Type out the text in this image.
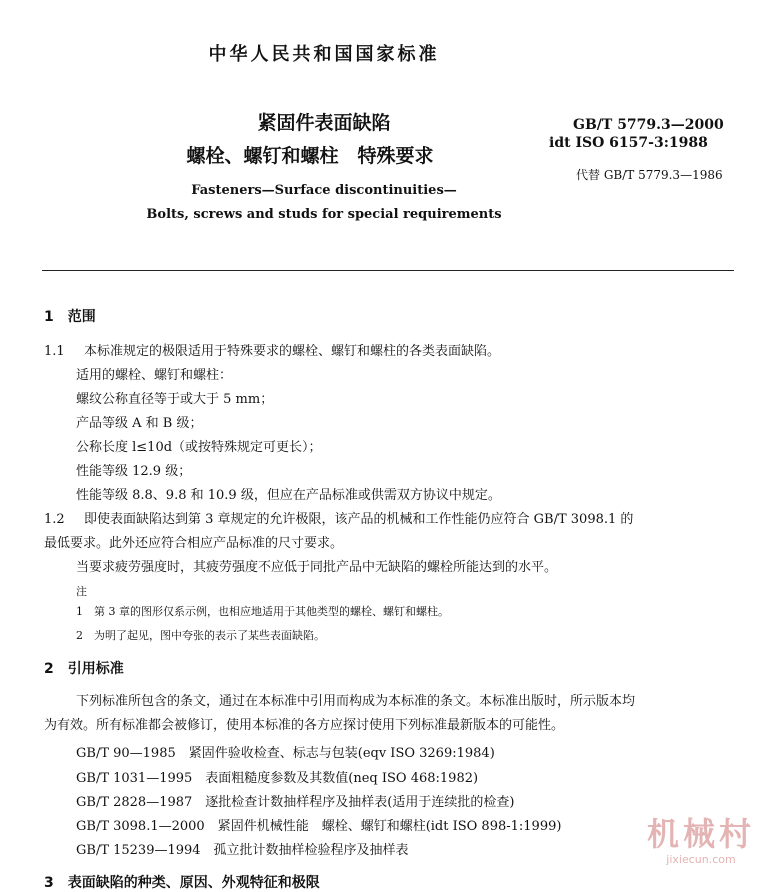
中华人民共和国国家标准
紧固件表面缺陷
螺栓、螺钉和螺柱　特殊要求
GB/T 5779.3—2000
idt ISO 6157-3:1988
代替 GB/T 5779.3—1986
Fasteners—Surface discontinuities—
Bolts, screws and studs for special requirements
1　范围
1.1 本标准规定的极限适用于特殊要求的螺栓、螺钉和螺柱的各类表面缺陷。
适用的螺栓、螺钉和螺柱：
螺纹公称直径等于或大于 5 mm；
产品等级 A 和 B 级；
公称长度 l≤10d（或按特殊规定可更长）；
性能等级 12.9 级；
性能等级 8.8、9.8 和 10.9 级，但应在产品标准或供需双方协议中规定。
1.2 即使表面缺陷达到第 3 章规定的允许极限，该产品的机械和工作性能仍应符合 GB/T 3098.1 的
最低要求。此外还应符合相应产品标准的尺寸要求。
当要求疲劳强度时，其疲劳强度不应低于同批产品中无缺陷的螺栓所能达到的水平。
注
1　第 3 章的图形仅系示例，也相应地适用于其他类型的螺栓、螺钉和螺柱。
2　为明了起见，图中夸张的表示了某些表面缺陷。
2　引用标准
下列标准所包含的条文，通过在本标准中引用而构成为本标准的条文。本标准出版时，所示版本均
为有效。所有标准都会被修订，使用本标准的各方应探讨使用下列标准最新版本的可能性。
GB/T 90—1985　紧固件验收检查、标志与包装(eqv ISO 3269:1984)
GB/T 1031—1995　表面粗糙度参数及其数值(neq ISO 468:1982)
GB/T 2828—1987　逐批检查计数抽样程序及抽样表(适用于连续批的检查)
GB/T 3098.1—2000　紧固件机械性能　螺栓、螺钉和螺柱(idt ISO 898-1:1999)
GB/T 15239—1994　孤立批计数抽样检验程序及抽样表
3　表面缺陷的种类、原因、外观特征和极限
机械村
jixiecun.com
